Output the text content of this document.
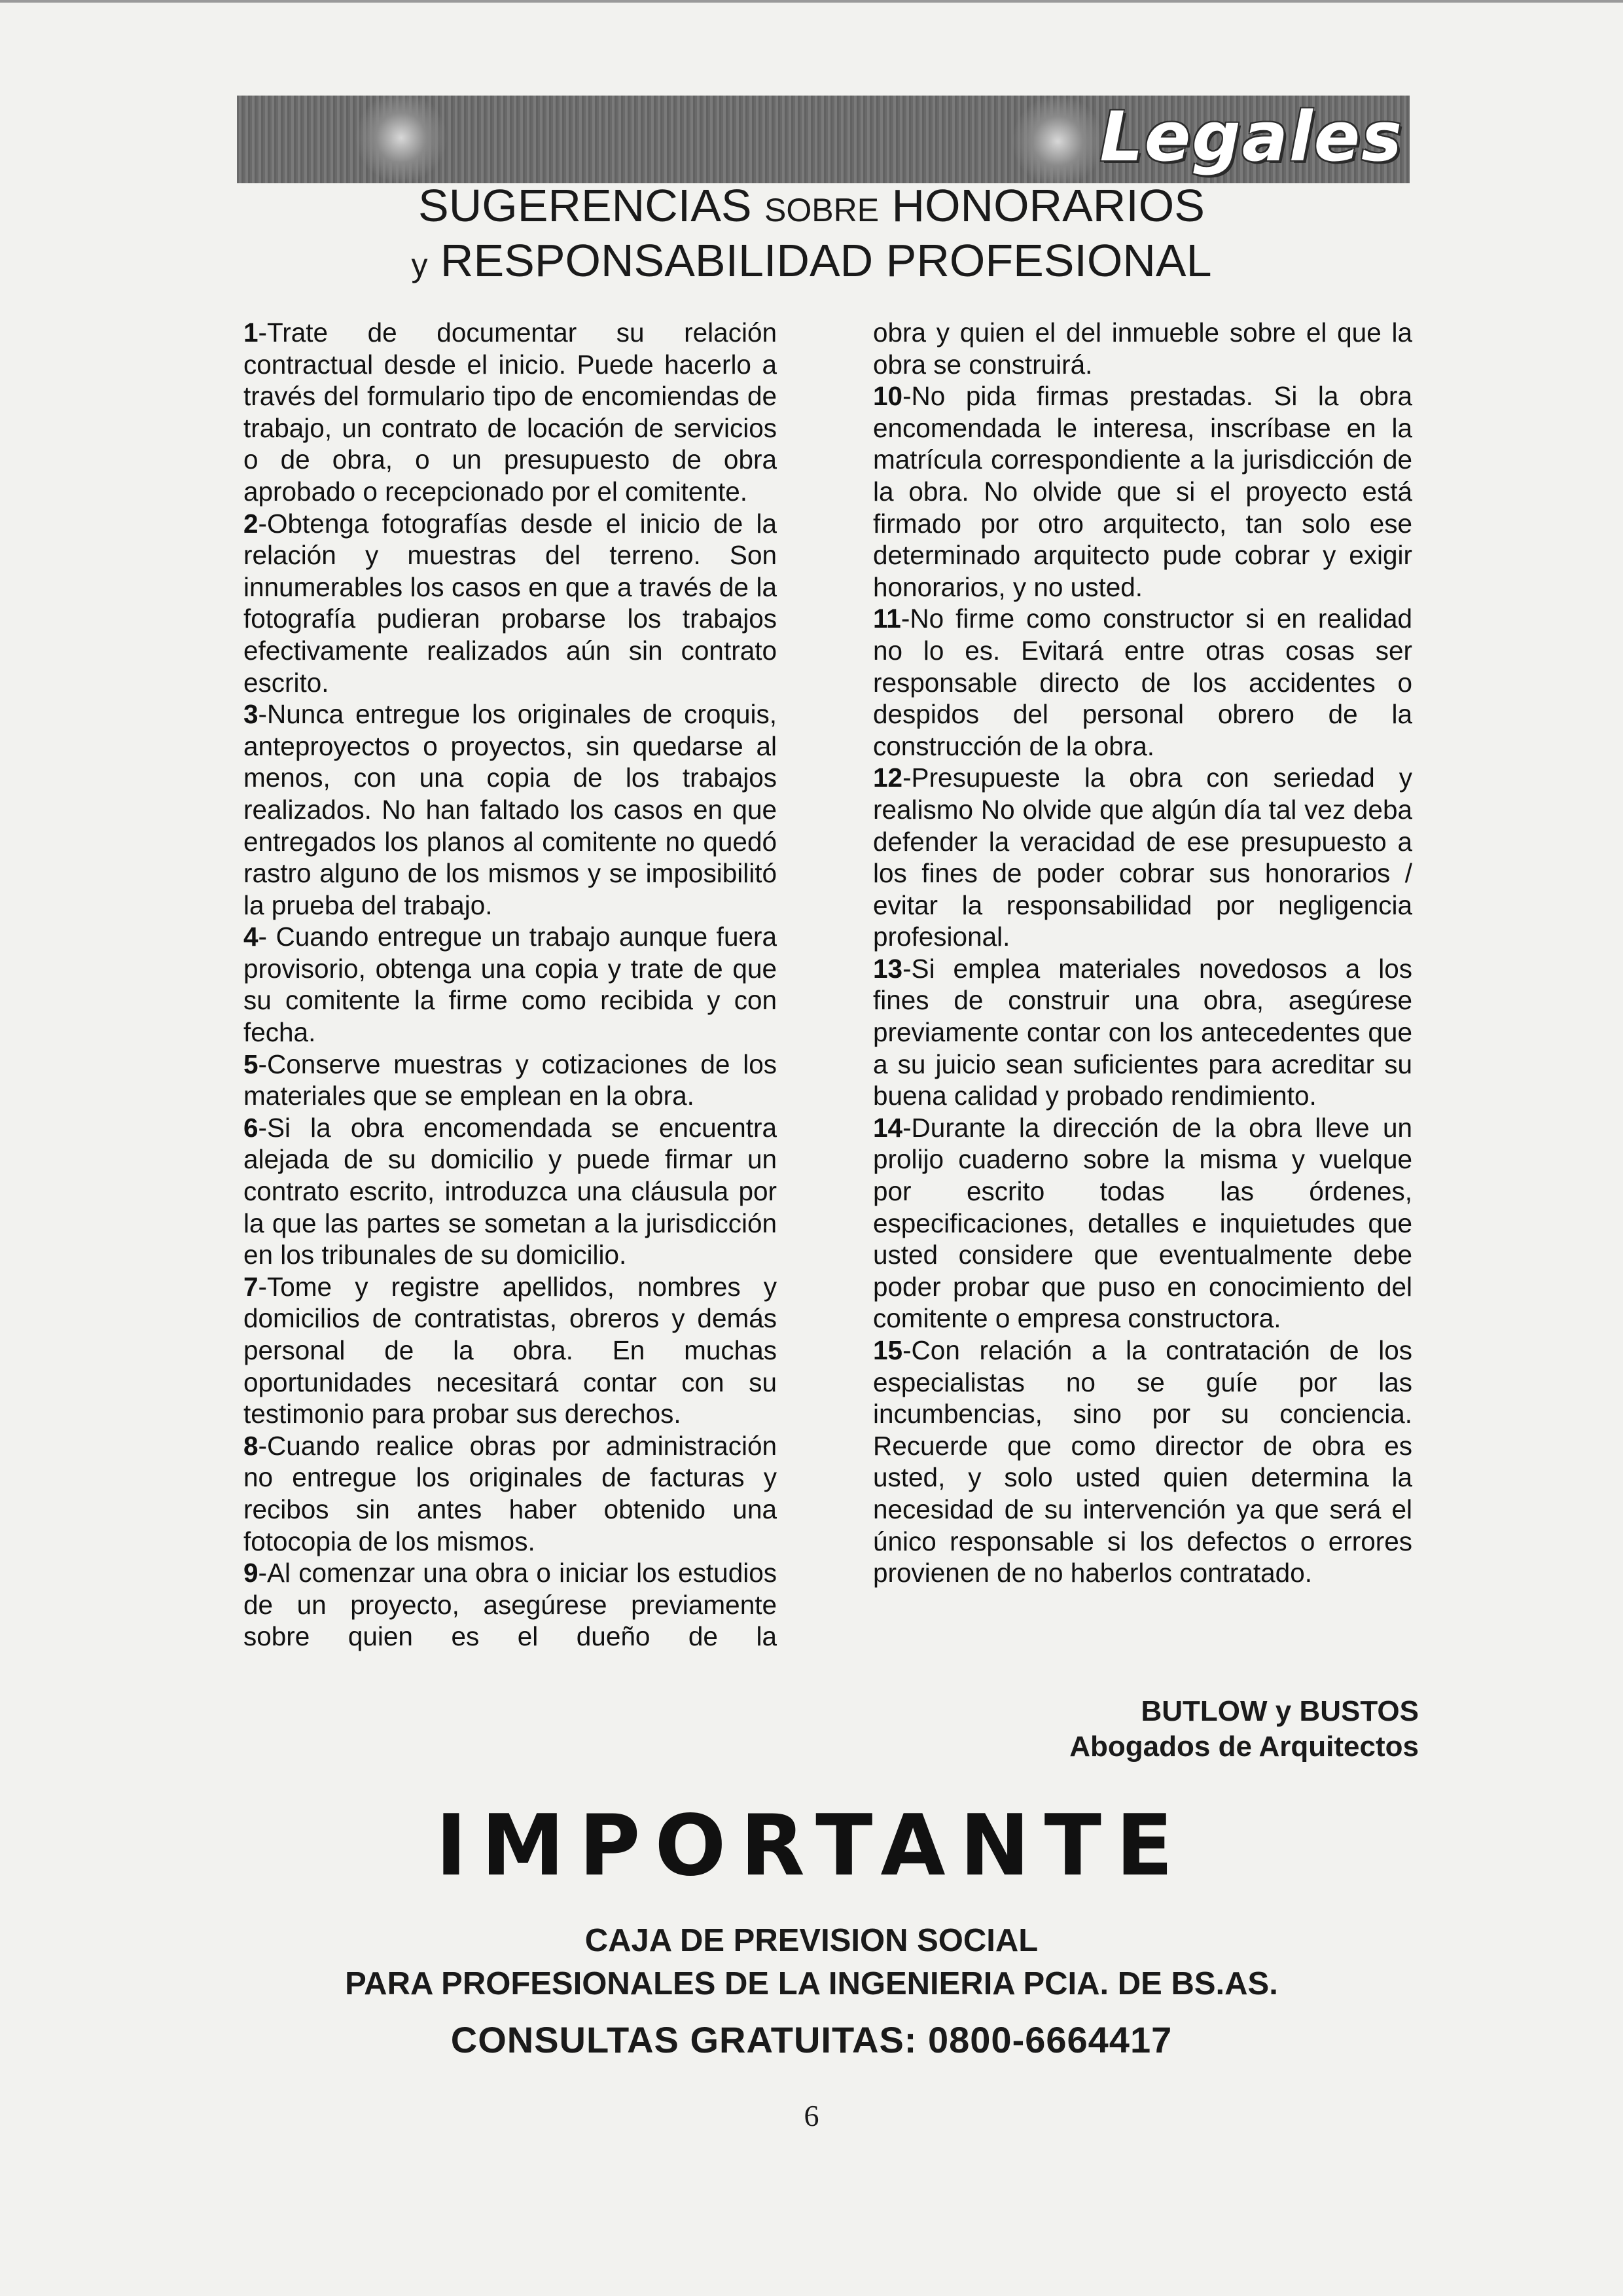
Legales
SUGERENCIAS SOBRE HONORARIOS
y RESPONSABILIDAD PROFESIONAL

1-Trate de documentar su relación contractual desde el inicio. Puede hacerlo a través del formulario tipo de encomiendas de trabajo, un contrato de locación de servicios o de obra, o un presupuesto de obra aprobado o recepcionado por el comitente.

2-Obtenga fotografías desde el inicio de la relación y muestras del terreno. Son innumerables los casos en que a través de la fotografía pudieran probarse los trabajos efectivamente realizados aún sin contrato escrito.

3-Nunca entregue los originales de croquis, anteproyectos o proyectos, sin quedarse al menos, con una copia de los trabajos realizados. No han faltado los casos en que entregados los planos al comitente no quedó rastro alguno de los mismos y se imposibilitó la prueba del trabajo.

4- Cuando entregue un trabajo aunque fuera provisorio, obtenga una copia y trate de que su comitente la firme como recibida y con fecha.

5-Conserve muestras y cotizaciones de los materiales que se emplean en la obra.

6-Si la obra encomendada se encuentra alejada de su domicilio y puede firmar un contrato escrito, introduzca una cláusula por la que las partes se sometan a la jurisdicción en los tribunales de su domicilio.

7-Tome y registre apellidos, nombres y domicilios de contratistas, obreros y demás personal de la obra. En muchas oportunidades necesitará contar con su testimonio para probar sus derechos.

8-Cuando realice obras por administración no entregue los originales de facturas y recibos sin antes haber obtenido una fotocopia de los mismos.

9-Al comenzar una obra o iniciar los estudios de un proyecto, asegúrese previamente sobre quien es el dueño de la

obra y quien el del inmueble sobre el que la obra se construirá.

10-No pida firmas prestadas. Si la obra encomendada le interesa, inscríbase en la matrícula correspondiente a la jurisdicción de la obra. No olvide que si el proyecto está firmado por otro arquitecto, tan solo ese determinado arquitecto pude cobrar y exigir honorarios, y no usted.

11-No firme como constructor si en realidad no lo es. Evitará entre otras cosas ser responsable directo de los accidentes o despidos del personal obrero de la construcción de la obra.

12-Presupueste la obra con seriedad y realismo No olvide que algún día tal vez deba defender la veracidad de ese presupuesto a los fines de poder cobrar sus honorarios / evitar la responsabilidad por negligencia profesional.

13-Si emplea materiales novedosos a los fines de construir una obra, asegúrese previamente contar con los antecedentes que a su juicio sean suficientes para acreditar su buena calidad y probado rendimiento.

14-Durante la dirección de la obra lleve un prolijo cuaderno sobre la misma y vuelque por escrito todas las órdenes, especificaciones, detalles e inquietudes que usted considere que eventualmente debe poder probar que puso en conocimiento del comitente o empresa constructora.

15-Con relación a la contratación de los especialistas no se guíe por las incumbencias, sino por su conciencia. Recuerde que como director de obra es usted, y solo usted quien determina la necesidad de su intervención ya que será el único responsable si los defectos o errores provienen de no haberlos contratado.

BUTLOW y BUSTOS
Abogados de Arquitectos
IMPORTANTE
CAJA DE PREVISION SOCIAL
PARA PROFESIONALES DE LA INGENIERIA PCIA. DE BS.AS.
CONSULTAS GRATUITAS: 0800-6664417
6
